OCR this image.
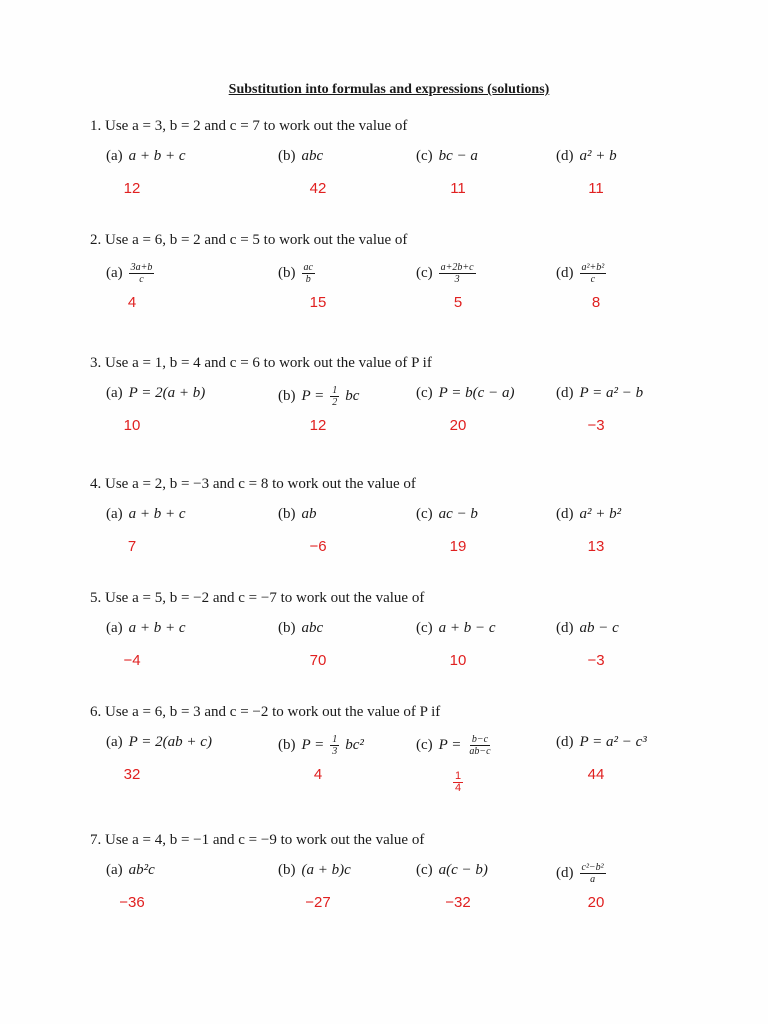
Substitution into formulas and expressions (solutions)
1. Use a = 3, b = 2 and c = 7 to work out the value of
(a) a + b + c
12
(b) abc
42
(c) bc − a
11
(d) a² + b
11
2. Use a = 6, b = 2 and c = 5 to work out the value of
$(a) \frac{3a+b}{c}$
4
$(b) \frac{ac}{b}$
15
$(c) \frac{a+2b+c}{3}$
5
$(d) \frac{\text{a²+b²}}{c}$
8
3. Use a = 1, b = 4 and c = 6 to work out the value of P if
(a) P = 2(a + b)
10
(b) $P = \frac{1}{2}$ bc
12
(c) P = b(c − a)
20
(d) P = a² − b
−3
4. Use a = 2, b = −3 and c = 8 to work out the value of
(a) a + b + c
7
(b) ab
−6
(c) ac − b
19
(d) a² + b²
13
5. Use a = 5, b = −2 and c = −7 to work out the value of
(a) a + b + c
−4
(b) abc
70
(c) a + b − c
10
(d) ab − c
−3
6. Use a = 6, b = 3 and c = −2 to work out the value of P if
(a) P = 2(ab + c)
32
(b) $P = \frac{1}{3} bc^2$
4
(c) $P = \frac{b-c}{ab-c}$
$\frac{1}{4}$
(d) P = a² − c³
44
7. Use a = 4, b = −1 and c = −9 to work out the value of
(a) ab²c
−36
(b) (a + b)c
−27
(c) a(c − b)
−32
$(d) \frac{\text{c²−b²}}{a}$
20
